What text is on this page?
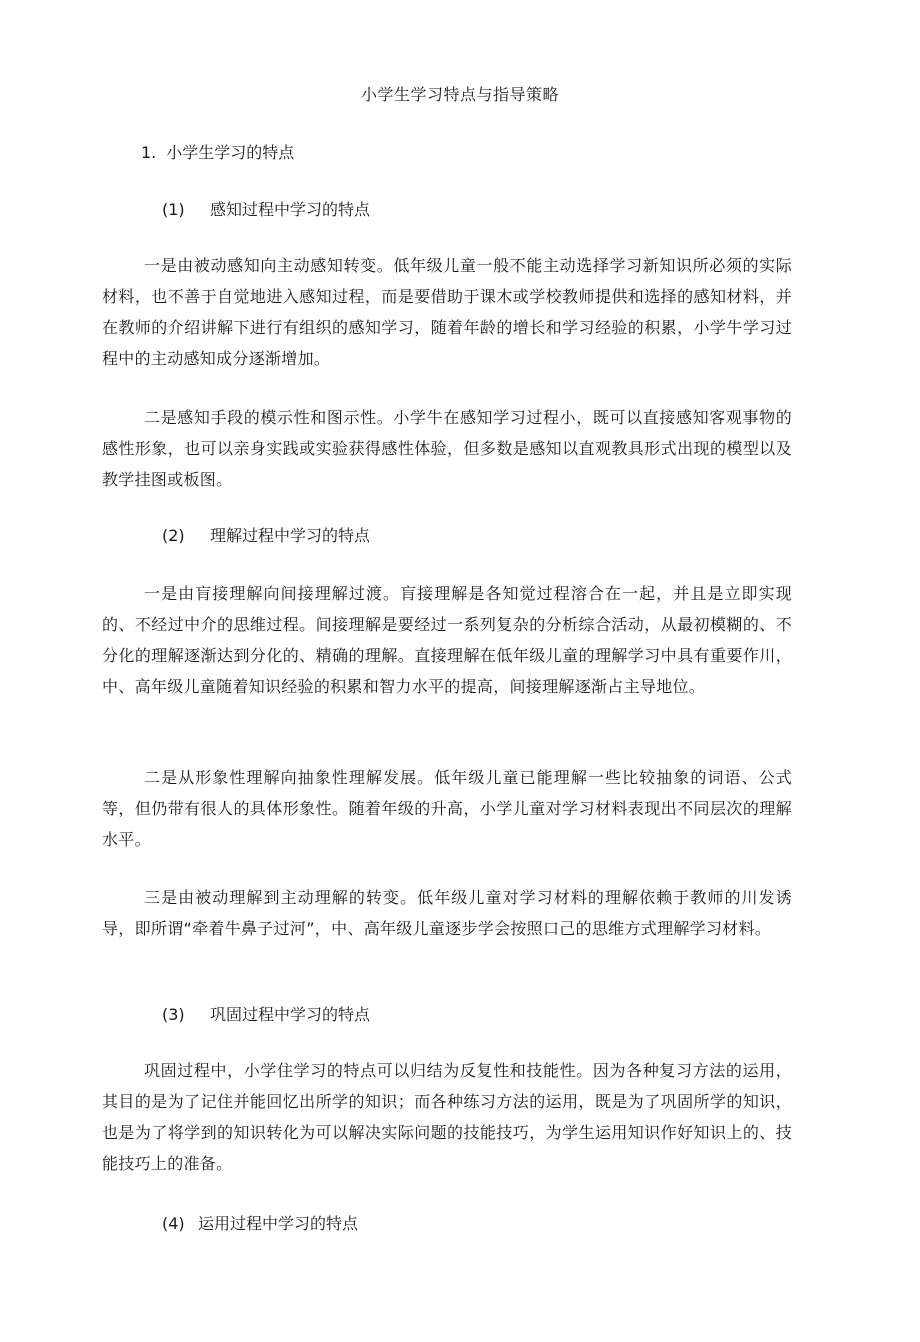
小学生学习特点与指导策略
1. 小学生学习的特点
(1) 感知过程中学习的特点

一是由被动感知向主动感知转变。低年级儿童一般不能主动选择学习新知识所必须的实际材料，也不善于自觉地进入感知过程，而是要借助于课木或学校教师提供和选择的感知材料，并在教师的介绍讲解下进行有组织的感知学习，随着年龄的增长和学习经验的积累，小学牛学习过程中的主动感知成分逐渐增加。

二是感知手段的模示性和图示性。小学牛在感知学习过程小，既可以直接感知客观事物的感性形象，也可以亲身实践或实验获得感性体验，但多数是感知以直观教具形式出现的模型以及教学挂图或板图。

(2) 理解过程中学习的特点

一是由肓接理解向间接理解过渡。肓接理解是各知觉过程溶合在一起，并且是立即实现的、不经过中介的思维过程。间接理解是要经过一系列复杂的分析综合活动，从最初模糊的、不分化的理解逐渐达到分化的、精确的理解。直接理解在低年级儿童的理解学习中具有重要作川，中、高年级儿童随着知识经验的积累和智力水平的提高，间接理解逐渐占主导地位。

二是从形象性理解向抽象性理解发展。低年级儿童已能理解一些比较抽象的词语、公式等，但仍带有很人的具体形象性。随着年级的升高，小学儿童对学习材料表现出不同层次的理解水平。

三是由被动理解到主动理解的转变。低年级儿童对学习材料的理解依赖于教师的川发诱导，即所谓“牵着牛鼻子过河”，中、高年级儿童逐步学会按照口己的思维方式理解学习材料。

(3) 巩固过程中学习的特点

巩固过程中，小学住学习的特点可以归结为反复性和技能性。因为各种复习方法的运用，其目的是为了记住并能回忆出所学的知识；而各种练习方法的运用，既是为了巩固所学的知识，也是为了将学到的知识转化为可以解决实际问题的技能技巧，为学生运用知识作好知识上的、技能技巧上的准备。

(4) 运用过程中学习的特点
